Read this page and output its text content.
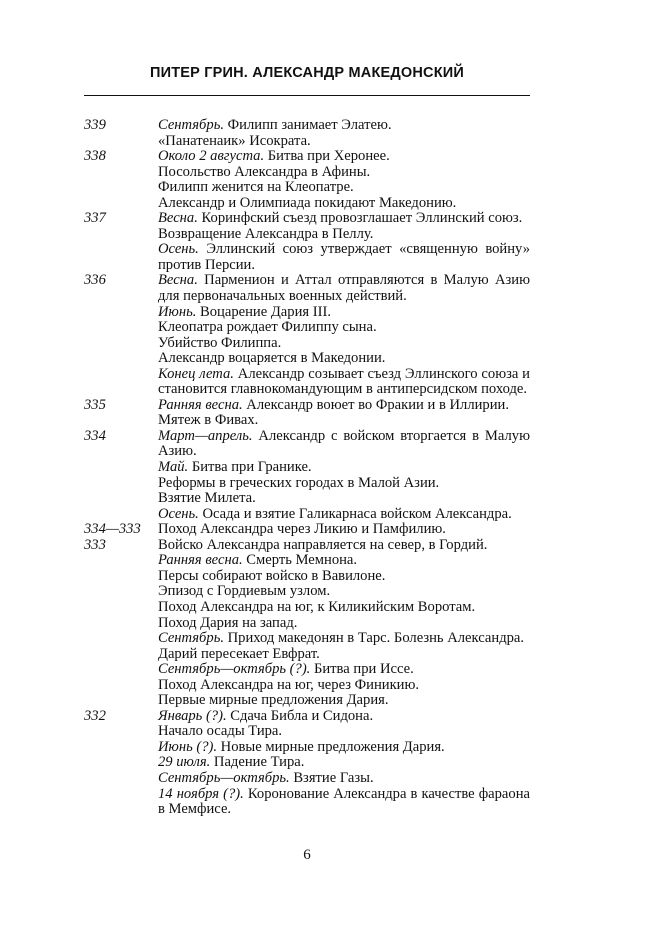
ПИТЕР ГРИН. АЛЕКСАНДР МАКЕДОНСКИЙ
339	Сентябрь. Филипп занимает Элатею.
«Панатенаик» Исократа.
338	Около 2 августа. Битва при Херонее.
Посольство Александра в Афины.
Филипп женится на Клеопатре.
Александр и Олимпиада покидают Македонию.
337	Весна. Коринфский съезд провозглашает Эллинский союз.
Возвращение Александра в Пеллу.
Осень. Эллинский союз утверждает «священную войну» против Персии.
336	Весна. Парменион и Аттал отправляются в Малую Азию для первоначальных военных действий.
Июнь. Воцарение Дария III.
Клеопатра рождает Филиппу сына.
Убийство Филиппа.
Александр воцаряется в Македонии.
Конец лета. Александр созывает съезд Эллинского союза и становится главнокомандующим в антиперсидском походе.
335	Ранняя весна. Александр воюет во Фракии и в Иллирии.
Мятеж в Фивах.
334	Март—апрель. Александр с войском вторгается в Малую Азию.
Май. Битва при Гранике.
Реформы в греческих городах в Малой Азии.
Взятие Милета.
Осень. Осада и взятие Галикарнаса войском Александра.
334—333	Поход Александра через Ликию и Памфилию.
333	Войско Александра направляется на север, в Гордий.
Ранняя весна. Смерть Мемнона.
Персы собирают войско в Вавилоне.
Эпизод с Гордиевым узлом.
Поход Александра на юг, к Киликийским Воротам.
Поход Дария на запад.
Сентябрь. Приход македонян в Тарс. Болезнь Александра.
Дарий пересекает Евфрат.
Сентябрь—октябрь (?). Битва при Иссе.
Поход Александра на юг, через Финикию.
Первые мирные предложения Дария.
332	Январь (?). Сдача Библа и Сидона.
Начало осады Тира.
Июнь (?). Новые мирные предложения Дария.
29 июля. Падение Тира.
Сентябрь—октябрь. Взятие Газы.
14 ноября (?). Коронование Александра в качестве фараона в Мемфисе.
6
